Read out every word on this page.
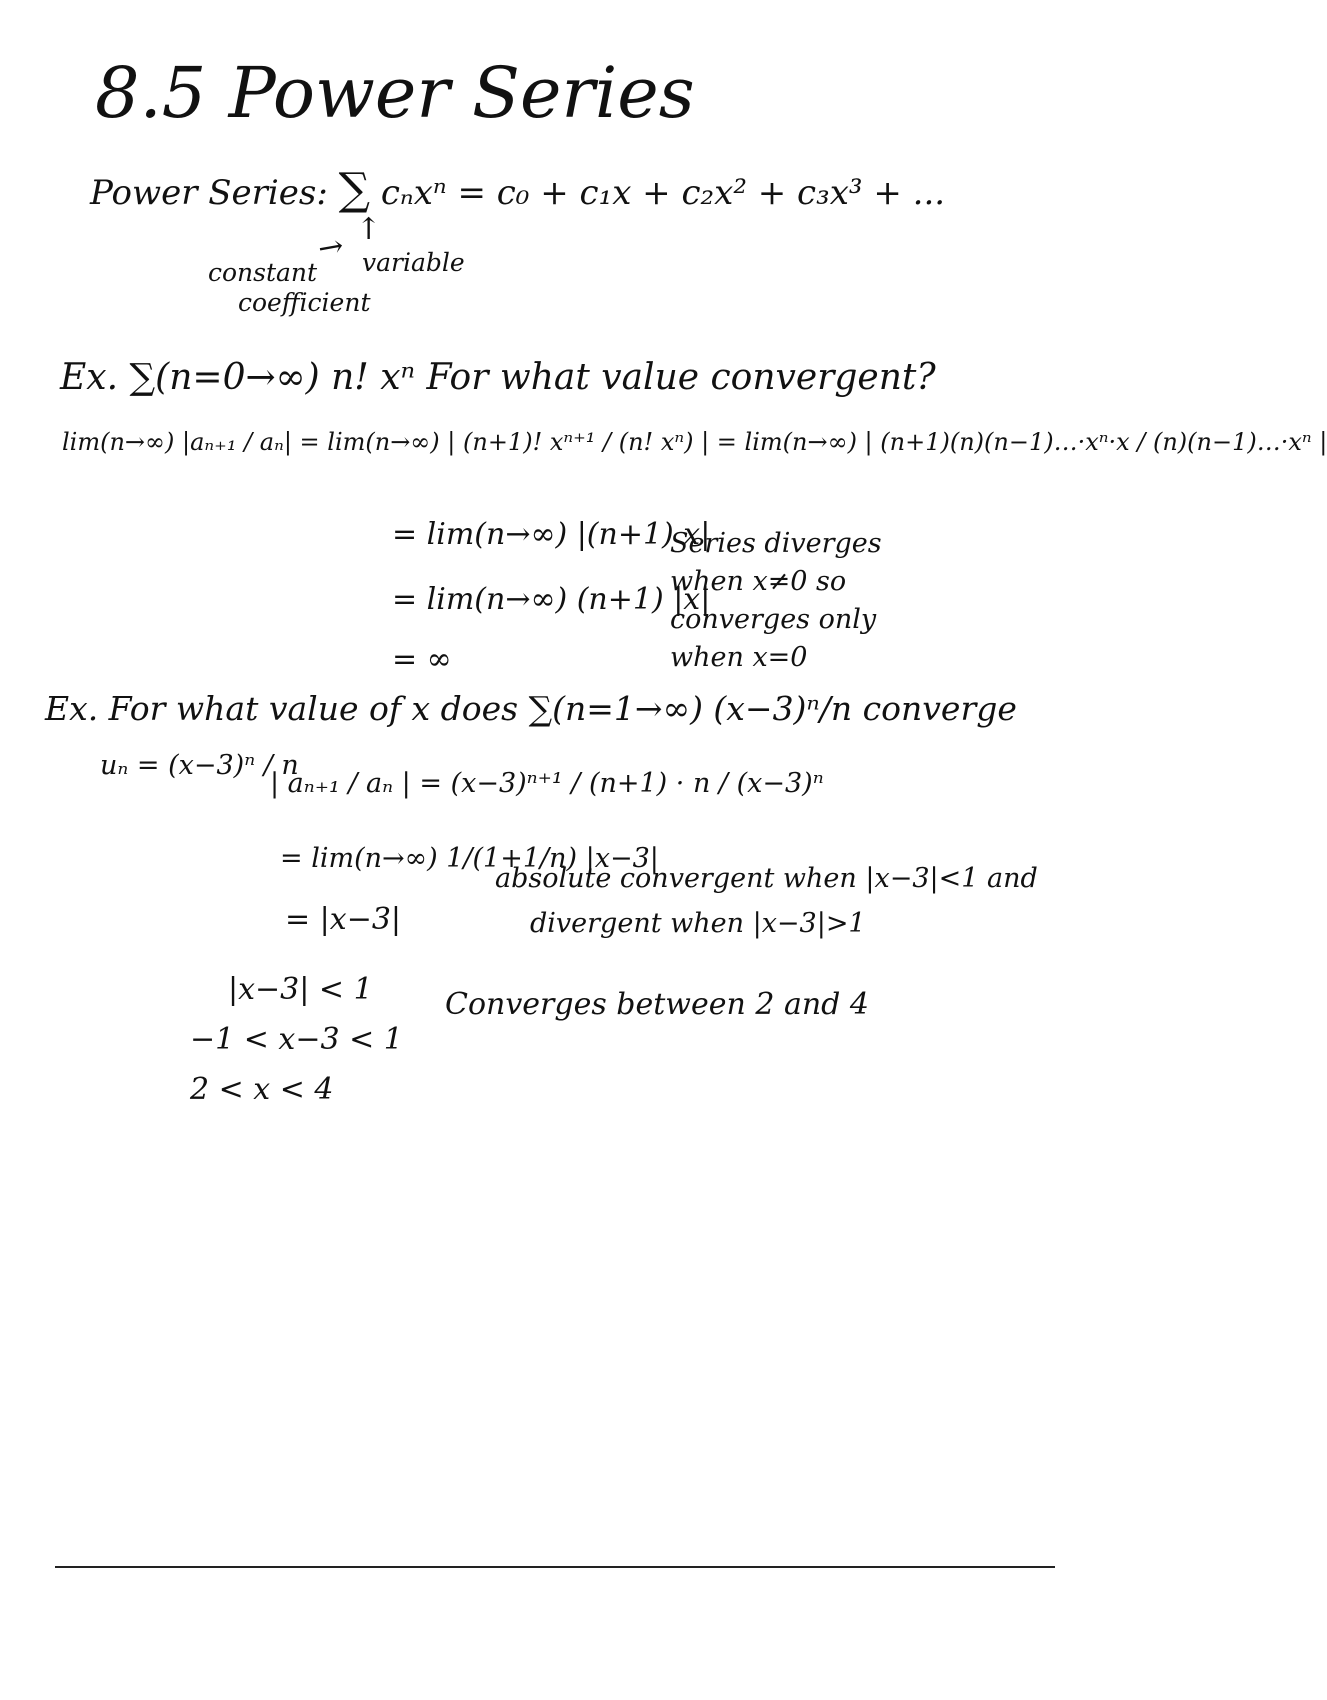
8.5 Power Series
Power Series: ∑ cₙxⁿ = c₀ + c₁x + c₂x² + c₃x³ + ...
↗ ↑
constant
coefficient
variable
Ex. ∑(n=0→∞) n! xⁿ For what value convergent?
lim(n→∞) |aₙ₊₁ / aₙ| = lim(n→∞) | (n+1)! xⁿ⁺¹ / (n! xⁿ) | = lim(n→∞) | (n+1)(n)(n−1)…·xⁿ·x / (n)(n−1)…·xⁿ |
= lim(n→∞) |(n+1) x|
= lim(n→∞) (n+1) |x|
= ∞
Series diverges when x≠0 so converges only when x=0
Ex. For what value of x does ∑(n=1→∞) (x−3)ⁿ/n converge
uₙ = (x−3)ⁿ / n
| aₙ₊₁ / aₙ | = (x−3)ⁿ⁺¹ / (n+1) · n / (x−3)ⁿ
= lim(n→∞) 1/(1+1/n) |x−3|
= |x−3|
absolute convergent when |x−3|<1 and
divergent when |x−3|>1
|x−3| < 1
−1 < x−3 < 1
2 < x < 4
Converges between 2 and 4
